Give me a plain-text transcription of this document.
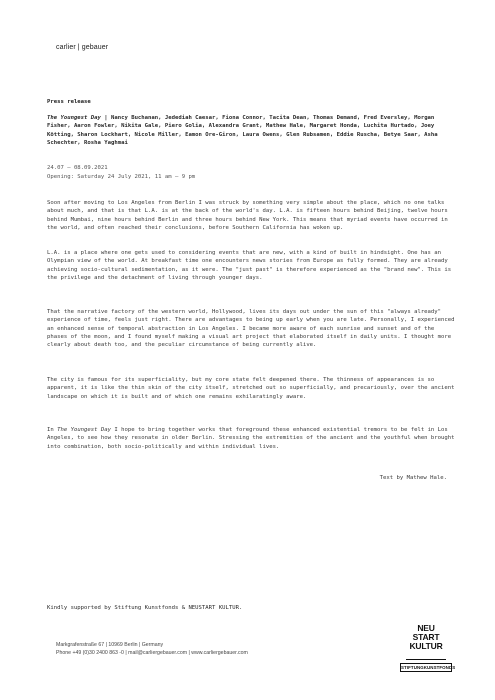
carlier | gebauer
Press release
The Youngest Day | Nancy Buchanan, Jedediah Caesar, Fiona Connor, Tacita Dean, Thomas Demand, Fred Eversley, Morgan Fisher, Aaron Fowler, Nikita Gale, Piero Golia, Alexandra Grant, Mathew Hale, Margaret Honda, Luchita Hurtado, Joey Kötting, Sharon Lockhart, Nicole Miller, Eamon Ore-Giron, Laura Owens, Glen Rubsamen, Eddie Ruscha, Betye Saar, Asha Schechter, Rosha Yaghmai
24.07 – 08.09.2021
Opening: Saturday 24 July 2021, 11 am – 9 pm

Soon after moving to Los Angeles from Berlin I was struck by something very simple about the place, which no one talks about much, and that is that L.A. is at the back of the world's day. L.A. is fifteen hours behind Beijing, twelve hours behind Mumbai, nine hours behind Berlin and three hours behind New York. This means that myriad events have occurred in the world, and often reached their conclusions, before Southern California has woken up.

L.A. is a place where one gets used to considering events that are new, with a kind of built in hindsight. One has an Olympian view of the world. At breakfast time one encounters news stories from Europe as fully formed. They are already achieving socio-cultural sedimentation, as it were. The "just past" is therefore experienced as the "brand new". This is the privilege and the detachment of living through younger days.

That the narrative factory of the western world, Hollywood, lives its days out under the sun of this "always already" experience of time, feels just right. There are advantages to being up early when you are late. Personally, I experienced an enhanced sense of temporal abstraction in Los Angeles. I became more aware of each sunrise and sunset and of the phases of the moon, and I found myself making a visual art project that elaborated itself in daily units. I thought more clearly about death too, and the peculiar circumstance of being currently alive.

The city is famous for its superficiality, but my core state felt deepened there. The thinness of appearances is so apparent, it is like the thin skin of the city itself, stretched out so superficially, and precariously, over the ancient landscape on which it is built and of which one remains exhilaratingly aware.

In The Youngest Day I hope to bring together works that foreground these enhanced existential tremors to be felt in Los Angeles, to see how they resonate in older Berlin. Stressing the extremities of the ancient and the youthful when brought into combination, both socio-politically and within individual lives.

Text by Mathew Hale.
Kindly supported by Stiftung Kunstfonds & NEUSTART KULTUR.
Markgrafenstraße 67 | 10969 Berlin | Germany
Phone +49 (0)30 2400 863 -0 | mail@carliergebauer.com | www.carliergebauer.com
NEU
START
KULTUR
STIFTUNGKUNSTFONDS
